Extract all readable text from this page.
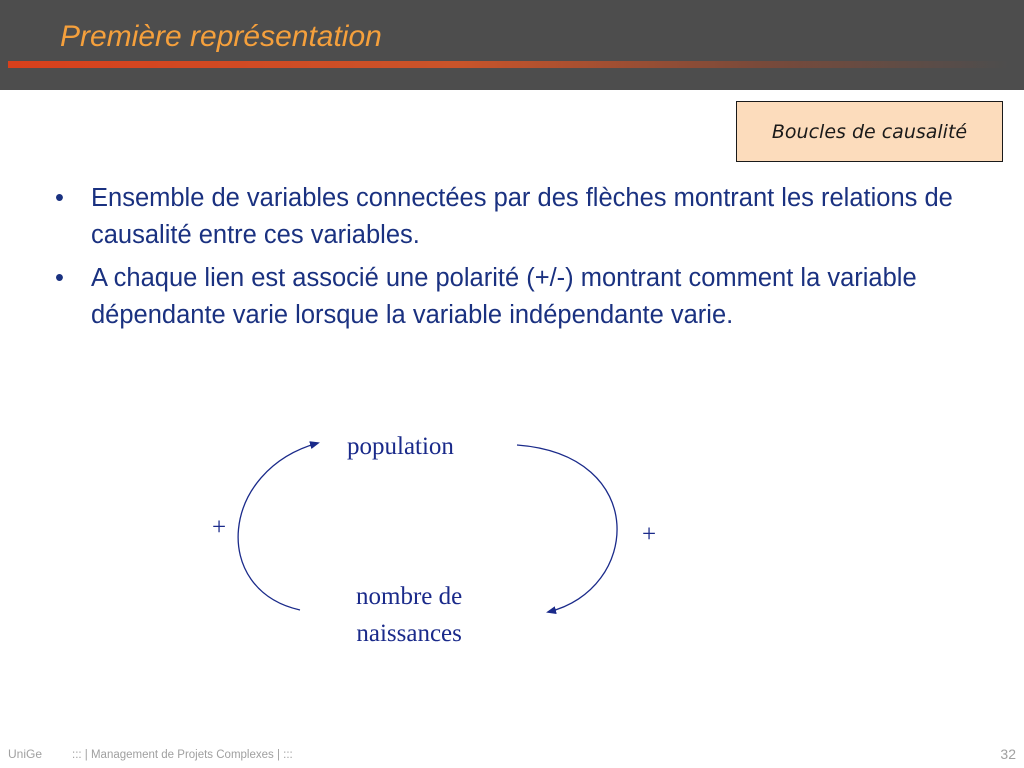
Première représentation
Boucles de causalité
• Ensemble de variables connectées par des flèches montrant les relations de causalité entre ces variables.
• A chaque lien est associé une polarité (+/-) montrant comment la variable dépendante varie lorsque la variable indépendante varie.
+	+
population
nombre de
naissances
UniGe	::: | Management de Projets Complexes | :::	32
